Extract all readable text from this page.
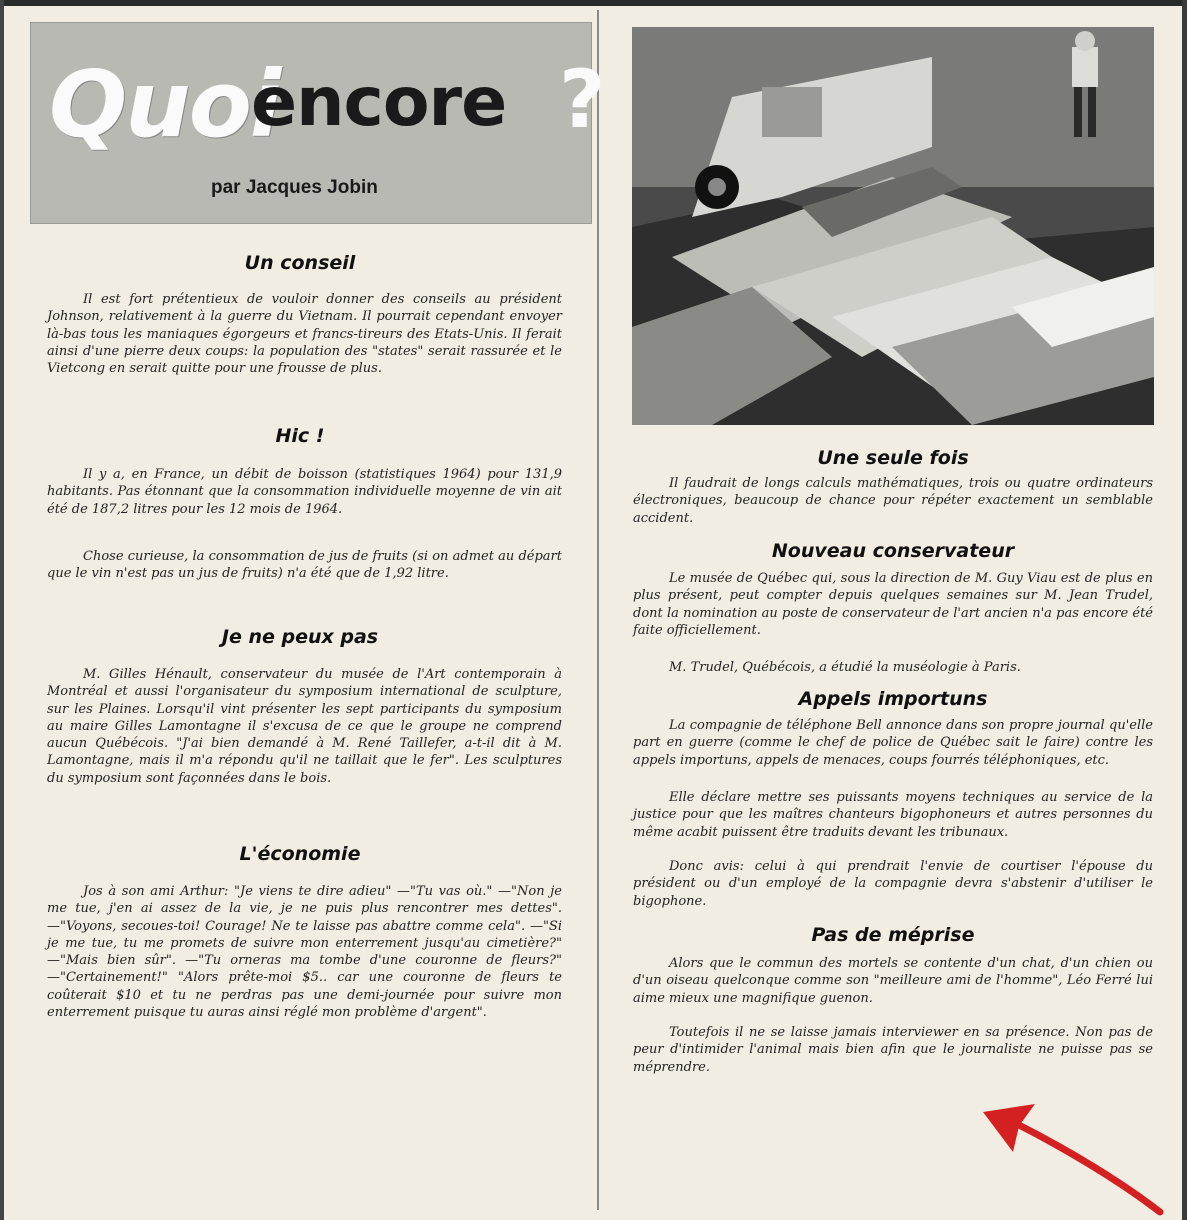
Quoi
encore ?
par Jacques Jobin
Un conseil

Il est fort prétentieux de vouloir donner des conseils au président Johnson, relativement à la guerre du Vietnam. Il pourrait cependant envoyer là-bas tous les maniaques égorgeurs et francs-tireurs des Etats-Unis. Il ferait ainsi d'une pierre deux coups: la population des "states" serait rassurée et le Vietcong en serait quitte pour une frousse de plus.

Hic !

Il y a, en France, un débit de boisson (statistiques 1964) pour 131,9 habitants. Pas étonnant que la consommation individuelle moyenne de vin ait été de 187,2 litres pour les 12 mois de 1964.

Chose curieuse, la consommation de jus de fruits (si on admet au départ que le vin n'est pas un jus de fruits) n'a été que de 1,92 litre.

Je ne peux pas

M. Gilles Hénault, conservateur du musée de l'Art contemporain à Montréal et aussi l'organisateur du symposium international de sculpture, sur les Plaines. Lorsqu'il vint présenter les sept participants du symposium au maire Gilles Lamontagne il s'excusa de ce que le groupe ne comprend aucun Québécois. "J'ai bien demandé à M. René Taillefer, a-t-il dit à M. Lamontagne, mais il m'a répondu qu'il ne taillait que le fer". Les sculptures du symposium sont façonnées dans le bois.

L'économie

Jos à son ami Arthur: "Je viens te dire adieu" —"Tu vas où." —"Non je me tue, j'en ai assez de la vie, je ne puis plus rencontrer mes dettes". —"Voyons, secoues-toi! Courage! Ne te laisse pas abattre comme cela". —"Si je me tue, tu me promets de suivre mon enterrement jusqu'au cimetière?" —"Mais bien sûr". —"Tu orneras ma tombe d'une couronne de fleurs?" —"Certainement!" "Alors prête-moi $5.. car une couronne de fleurs te coûterait $10 et tu ne perdras pas une demi-journée pour suivre mon enterrement puisque tu auras ainsi réglé mon problème d'argent".

Une seule fois

Il faudrait de longs calculs mathématiques, trois ou quatre ordinateurs électroniques, beaucoup de chance pour répéter exactement un semblable accident.

Nouveau conservateur

Le musée de Québec qui, sous la direction de M. Guy Viau est de plus en plus présent, peut compter depuis quelques semaines sur M. Jean Trudel, dont la nomination au poste de conservateur de l'art ancien n'a pas encore été faite officiellement.

M. Trudel, Québécois, a étudié la muséologie à Paris.

Appels importuns

La compagnie de téléphone Bell annonce dans son propre journal qu'elle part en guerre (comme le chef de police de Québec sait le faire) contre les appels importuns, appels de menaces, coups fourrés téléphoniques, etc.

Elle déclare mettre ses puissants moyens techniques au service de la justice pour que les maîtres chanteurs bigophoneurs et autres personnes du même acabit puissent être traduits devant les tribunaux.

Donc avis: celui à qui prendrait l'envie de courtiser l'épouse du président ou d'un employé de la compagnie devra s'abstenir d'utiliser le bigophone.

Pas de méprise

Alors que le commun des mortels se contente d'un chat, d'un chien ou d'un oiseau quelconque comme son "meilleure ami de l'homme", Léo Ferré lui aime mieux une magnifique guenon.

Toutefois il ne se laisse jamais interviewer en sa présence. Non pas de peur d'intimider l'animal mais bien afin que le journaliste ne puisse pas se méprendre.
